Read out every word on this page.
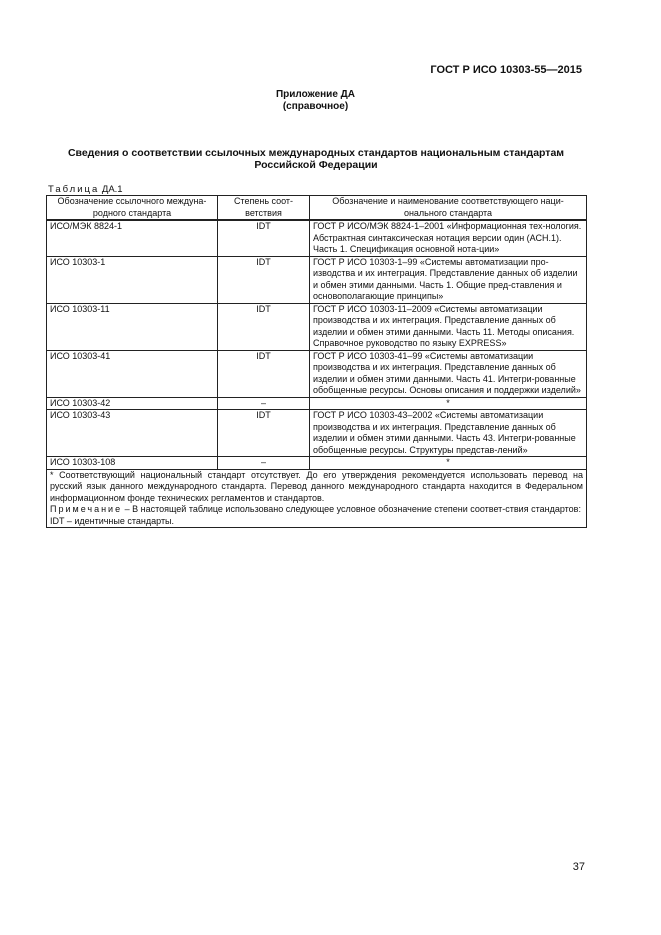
ГОСТ Р ИСО 10303-55—2015
Приложение ДА
(справочное)
Сведения о соответствии ссылочных международных стандартов национальным стандартам Российской Федерации
Таблица ДА.1
Обозначение ссылочного междуна-родного стандарта	Степень соот-ветствия	Обозначение и наименование соответствующего наци-онального стандарта
ИСО/МЭК 8824-1	IDT	ГОСТ Р ИСО/МЭК 8824-1–2001 «Информационная тех-нология. Абстрактная синтаксическая нотация версии один (АСН.1). Часть 1. Спецификация основной нота-ции»
ИСО 10303-1	IDT	ГОСТ Р ИСО 10303-1–99 «Системы автоматизации про-изводства и их интеграция. Представление данных об изделии и обмен этими данными. Часть 1. Общие пред-ставления и основополагающие принципы»
ИСО 10303-11	IDT	ГОСТ Р ИСО 10303-11–2009 «Системы автоматизации производства и их интеграция. Представление данных об изделии и обмен этими данными. Часть 11. Методы описания. Справочное руководство по языку EXPRESS»
ИСО 10303-41	IDT	ГОСТ Р ИСО 10303-41–99 «Системы автоматизации производства и их интеграция. Представление данных об изделии и обмен этими данными. Часть 41. Интегри-рованные обобщенные ресурсы. Основы описания и поддержки изделий»
ИСО 10303-42	–	*
ИСО 10303-43	IDT	ГОСТ Р ИСО 10303-43–2002 «Системы автоматизации производства и их интеграция. Представление данных об изделии и обмен этими данными. Часть 43. Интегри-рованные обобщенные ресурсы. Структуры представ-лений»
ИСО 10303-108	–	*

* Соответствующий национальный стандарт отсутствует. До его утверждения рекомендуется использовать перевод на русский язык данного международного стандарта. Перевод данного международного стандарта находится в Федеральном информационном фонде технических регламентов и стандартов.

Примечание – В настоящей таблице использовано следующее условное обозначение степени соответ-ствия стандартов:

IDT – идентичные стандарты.		

37
